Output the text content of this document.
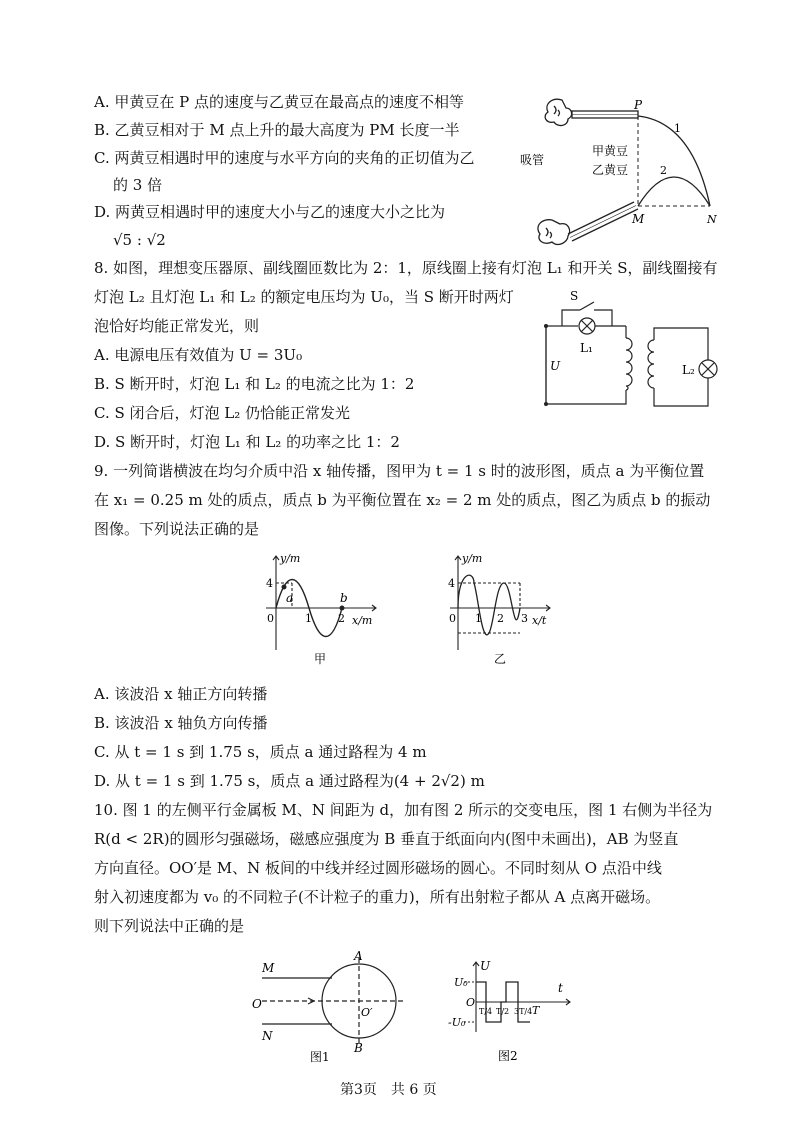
A. 甲黄豆在 P 点的速度与乙黄豆在最高点的速度不相等
B. 乙黄豆相对于 M 点上升的最大高度为 PM 长度一半
C. 两黄豆相遇时甲的速度与水平方向的夹角的正切值为乙
的 3 倍
D. 两黄豆相遇时甲的速度大小与乙的速度大小之比为
√5 : √2
P
M	N
1
2
甲黄豆
乙黄豆
吸管
8. 如图，理想变压器原、副线圈匝数比为 2：1，原线圈上接有灯泡 L₁ 和开关 S，副线圈接有
灯泡 L₂ 且灯泡 L₁ 和 L₂ 的额定电压均为 U₀，当 S 断开时两灯
泡恰好均能正常发光，则
A. 电源电压有效值为 U = 3U₀
B. S 断开时，灯泡 L₁ 和 L₂ 的电流之比为 1：2
C. S 闭合后，灯泡 L₂ 仍恰能正常发光
D. S 断开时，灯泡 L₁ 和 L₂ 的功率之比 1：2
S
L₁
L₂
U
9. 一列简谐横波在均匀介质中沿 x 轴传播，图甲为 t = 1 s 时的波形图，质点 a 为平衡位置
在 x₁ = 0.25 m 处的质点，质点 b 为平衡位置在 x₂ = 2 m 处的质点，图乙为质点 b 的振动
图像。下列说法正确的是
y/m
x/m
4
0	1 2
a	b
甲
y/m
x/t
4
0 1 2 3
乙
A. 该波沿 x 轴正方向转播
B. 该波沿 x 轴负方向传播
C. 从 t = 1 s 到 1.75 s，质点 a 通过路程为 4 m
D. 从 t = 1 s 到 1.75 s，质点 a 通过路程为(4 + 2√2) m
10. 图 1 的左侧平行金属板 M、N 间距为 d，加有图 2 所示的交变电压，图 1 右侧为半径为
R(d < 2R)的圆形匀强磁场，磁感应强度为 B 垂直于纸面向内(图中未画出)，AB 为竖直
方向直径。OO′是 M、N 板间的中线并经过圆形磁场的圆心。不同时刻从 O 点沿中线
射入初速度都为 v₀ 的不同粒子(不计粒子的重力)，所有出射粒子都从 A 点离开磁场。
则下列说法中正确的是
M
N
O
O′
A
B
图1
U₀
U
-U₀
O
t
T/4 T/2 3T/4 T
图2
第3页　共 6 页
